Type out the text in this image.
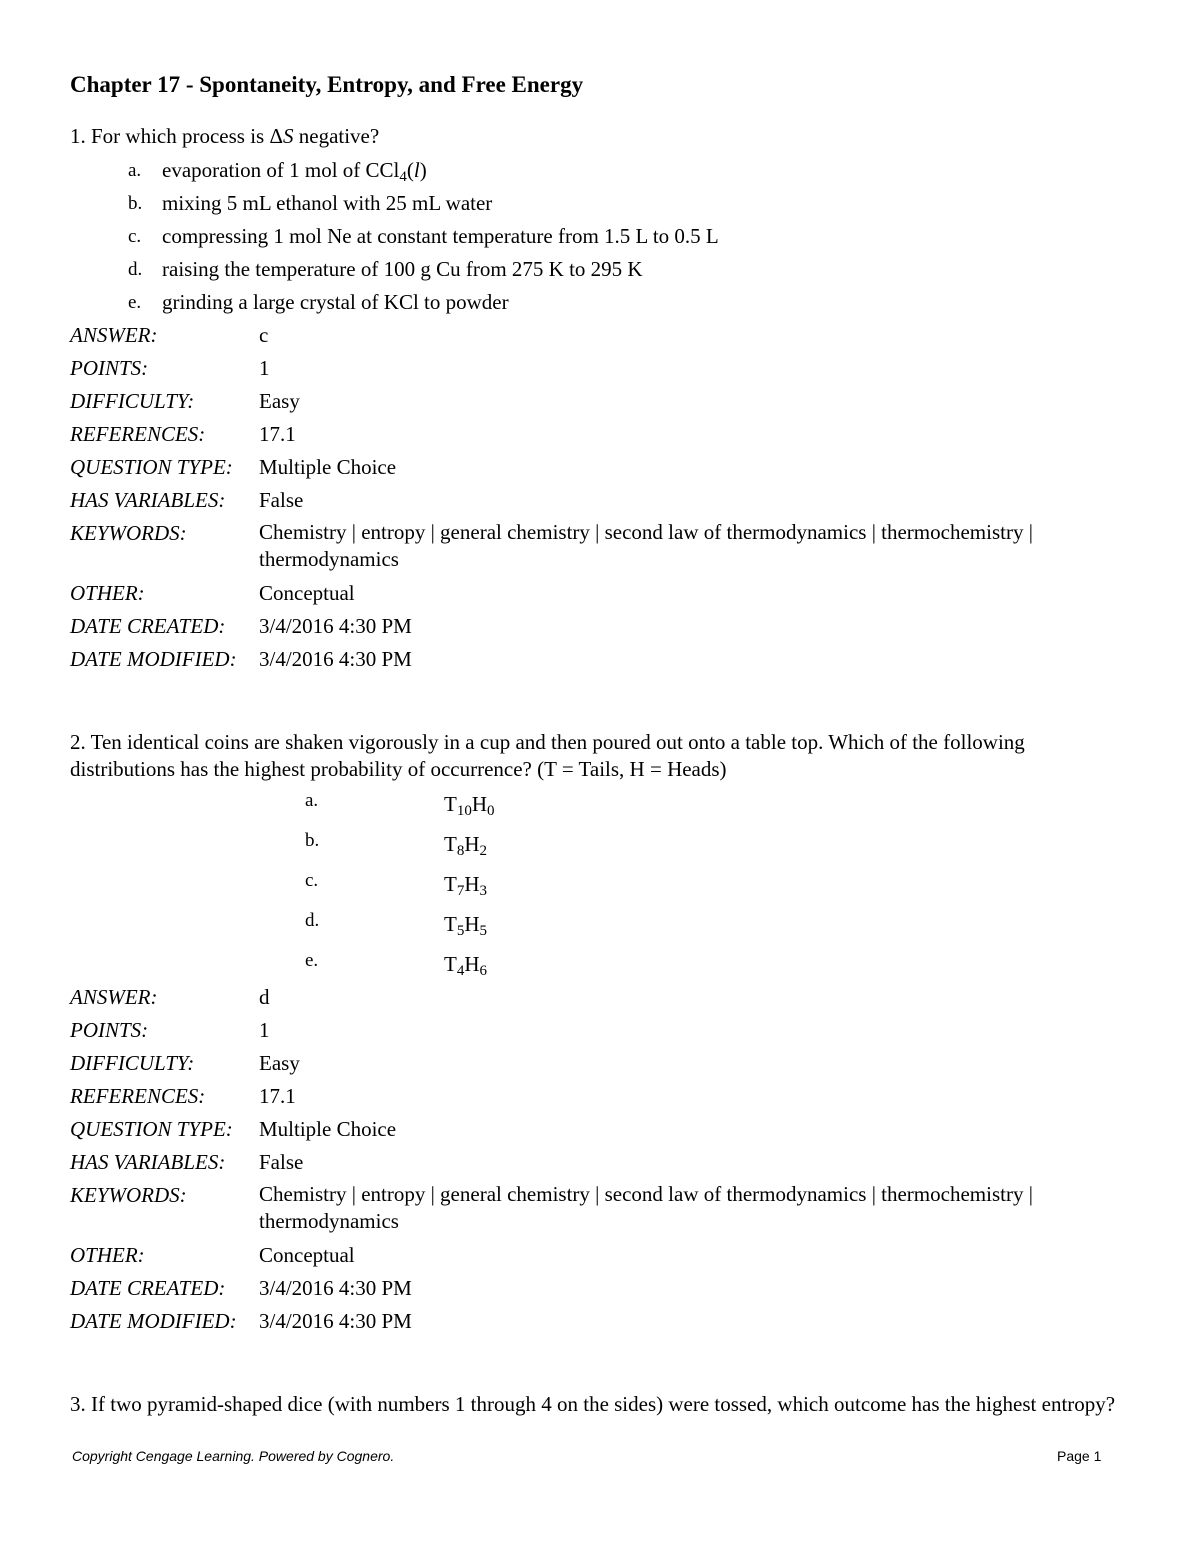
Chapter 17 - Spontaneity, Entropy, and Free Energy
1. For which process is ΔS negative?
a. evaporation of 1 mol of CCl$_4$(l)
b. mixing 5 mL ethanol with 25 mL water
c. compressing 1 mol Ne at constant temperature from 1.5 L to 0.5 L
d. raising the temperature of 100 g Cu from 275 K to 295 K
e. grinding a large crystal of KCl to powder
ANSWER:	c
POINTS:	1
DIFFICULTY:	Easy
REFERENCES:	17.1
QUESTION TYPE: Multiple Choice
HAS VARIABLES: False
KEYWORDS:	Chemistry | entropy | general chemistry | second law of thermodynamics | thermochemistry | thermodynamics
OTHER:	Conceptual
DATE CREATED: 3/4/2016 4:30 PM
DATE MODIFIED: 3/4/2016 4:30 PM
2. Ten identical coins are shaken vigorously in a cup and then poured out onto a table top. Which of the following distributions has the highest probability of occurrence? (T = Tails, H = Heads)
a.	$T_{10}H_0$
b.	$T_8H_2$
c.	$T_7H_3$
d.	$T_5H_5$
e.	$T_4H_6$
ANSWER:	d
POINTS:	1
DIFFICULTY:	Easy
REFERENCES:	17.1
QUESTION TYPE: Multiple Choice
HAS VARIABLES: False
KEYWORDS:	Chemistry | entropy | general chemistry | second law of thermodynamics | thermochemistry | thermodynamics
OTHER:	Conceptual
DATE CREATED: 3/4/2016 4:30 PM
DATE MODIFIED: 3/4/2016 4:30 PM
3. If two pyramid-shaped dice (with numbers 1 through 4 on the sides) were tossed, which outcome has the highest entropy?
Copyright Cengage Learning. Powered by Cognero.	Page 1
